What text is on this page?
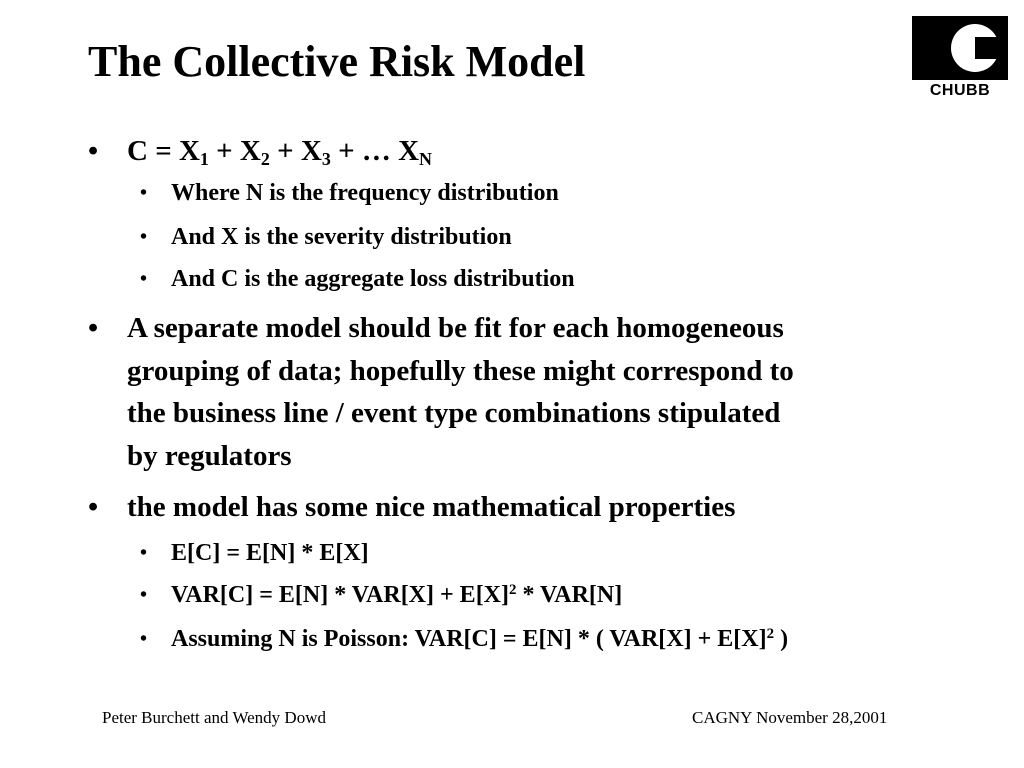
The Collective Risk Model
CHUBB
• $C = X_1 + X_2 + X_3$ + … $X_N$
• Where N is the frequency distribution
• And X is the severity distribution
• And C is the aggregate loss distribution
• A separate model should be fit for each homogeneous
grouping of data; hopefully these might correspond to
the business line / event type combinations stipulated
by regulators
• the model has some nice mathematical properties
• E[C] = E[N] * E[X]
• $VAR[C] = E[N] * VAR[X] + E[X]^2 * VAR[N]$
• Assuming N is Poisson: VAR[C] = E[N] * ( $VAR[X] + E[X]^2$ )
Peter Burchett and Wendy Dowd	CAGNY November 28,2001
